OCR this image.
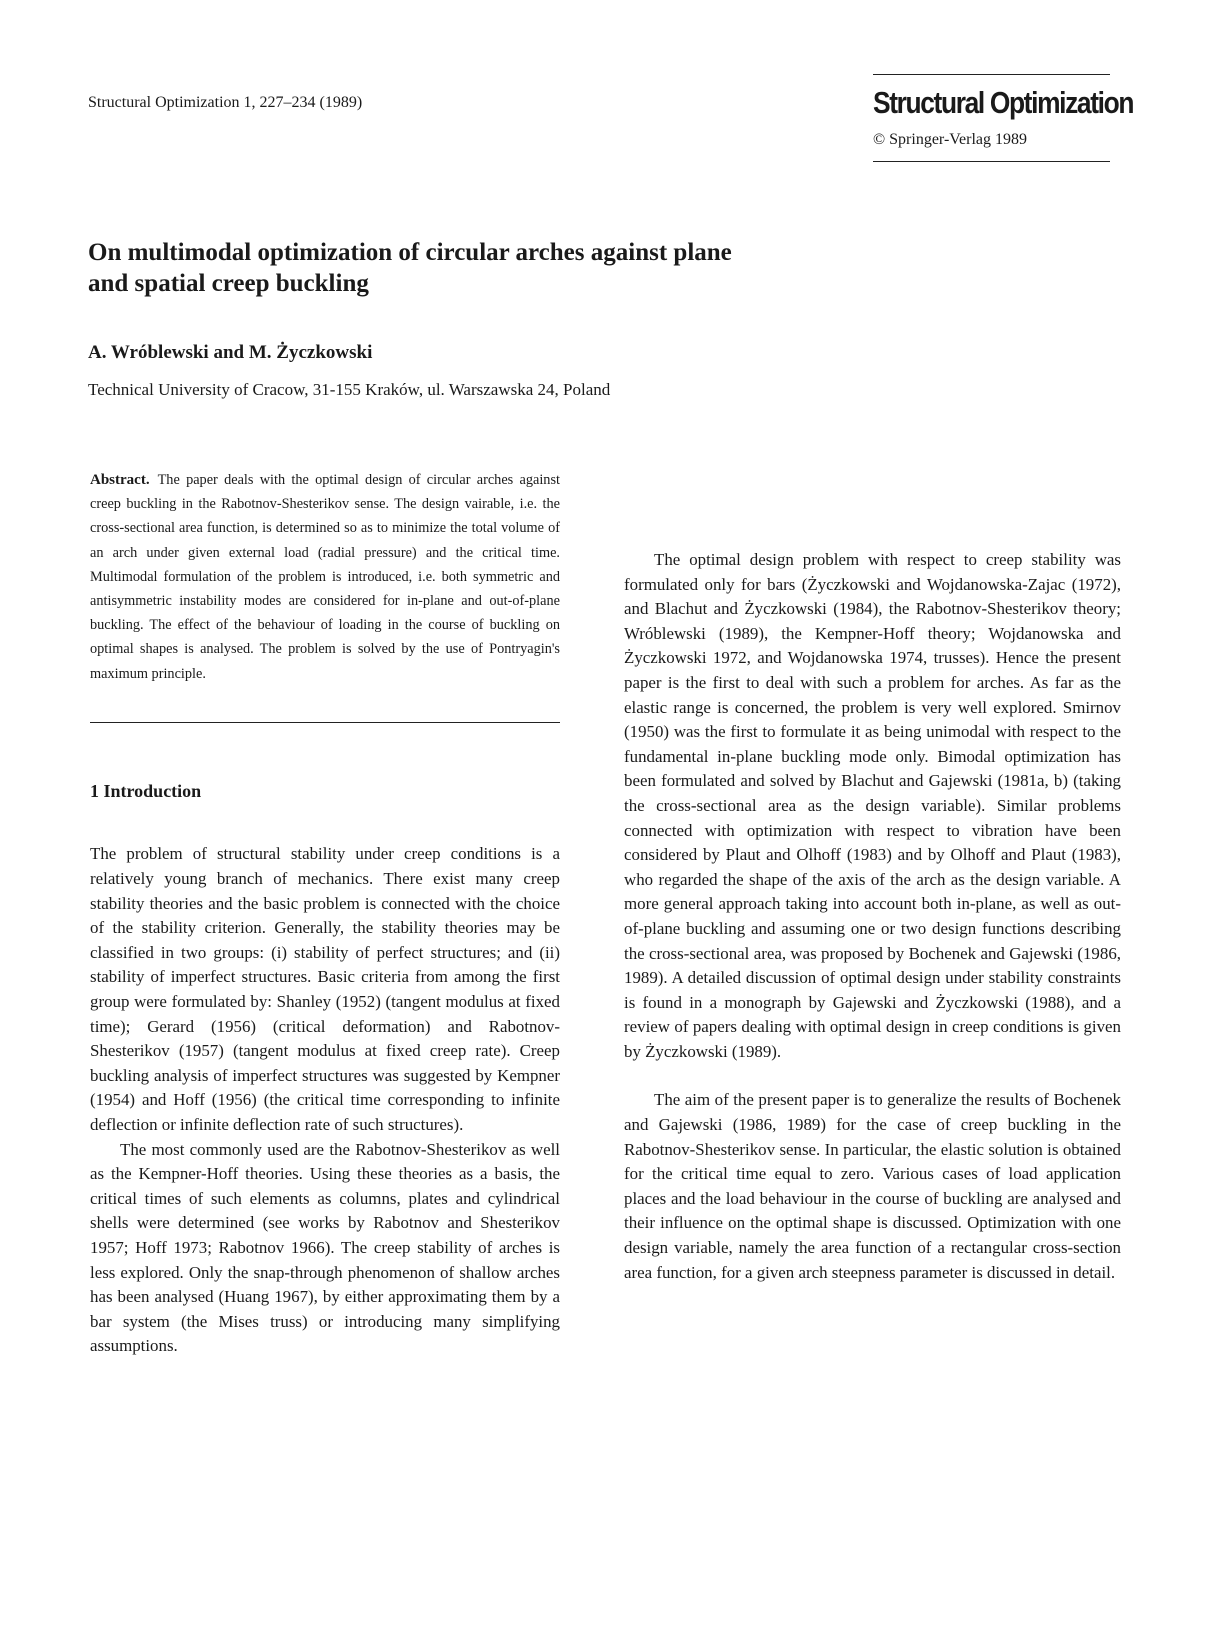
Structural Optimization 1, 227–234 (1989)	Structural Optimization
© Springer-Verlag 1989
On multimodal optimization of circular arches against plane
and spatial creep buckling
A. Wróblewski and M. Życzkowski
Technical University of Cracow, 31-155 Kraków, ul. Warszawska 24, Poland

Abstract. The paper deals with the optimal design of circular arches against creep buckling in the Rabotnov-Shesterikov sense. The design vairable, i.e. the cross-sectional area function, is determined so as to minimize the total volume of an arch under given external load (radial pressure) and the critical time. Multimodal formulation of the problem is introduced, i.e. both symmetric and antisymmetric instability modes are considered for in-plane and out-of-plane buckling. The effect of the behaviour of loading in the course of buckling on optimal shapes is analysed. The problem is solved by the use of Pontryagin's maximum principle.

1 Introduction

The problem of structural stability under creep conditions is a relatively young branch of mechanics. There exist many creep stability theories and the basic problem is connected with the choice of the stability criterion. Generally, the stability theories may be classified in two groups: (i) stability of perfect structures; and (ii) stability of imperfect structures. Basic criteria from among the first group were formulated by: Shanley (1952) (tangent modulus at fixed time); Gerard (1956) (critical deformation) and Rabotnov-Shesterikov (1957) (tangent modulus at fixed creep rate). Creep buckling analysis of imperfect structures was suggested by Kempner (1954) and Hoff (1956) (the critical time corresponding to infinite deflection or infinite deflection rate of such structures).

The most commonly used are the Rabotnov-Shesterikov as well as the Kempner-Hoff theories. Using these theories as a basis, the critical times of such elements as columns, plates and cylindrical shells were determined (see works by Rabotnov and Shesterikov 1957; Hoff 1973; Rabotnov 1966). The creep stability of arches is less explored. Only the snap-through phenomenon of shallow arches has been analysed (Huang 1967), by either approximating them by a bar system (the Mises truss) or introducing many simplifying assumptions.

The optimal design problem with respect to creep stability was formulated only for bars (Życzkowski and Wojdanowska-Zajac (1972), and Blachut and Życzkowski (1984), the Rabotnov-Shesterikov theory; Wróblewski (1989), the Kempner-Hoff theory; Wojdanowska and Życzkowski 1972, and Wojdanowska 1974, trusses). Hence the present paper is the first to deal with such a problem for arches. As far as the elastic range is concerned, the problem is very well explored. Smirnov (1950) was the first to formulate it as being unimodal with respect to the fundamental in-plane buckling mode only. Bimodal optimization has been formulated and solved by Blachut and Gajewski (1981a, b) (taking the cross-sectional area as the design variable). Similar problems connected with optimization with respect to vibration have been considered by Plaut and Olhoff (1983) and by Olhoff and Plaut (1983), who regarded the shape of the axis of the arch as the design variable. A more general approach taking into account both in-plane, as well as out-of-plane buckling and assuming one or two design functions describing the cross-sectional area, was proposed by Bochenek and Gajewski (1986, 1989). A detailed discussion of optimal design under stability constraints is found in a monograph by Gajewski and Życzkowski (1988), and a review of papers dealing with optimal design in creep conditions is given by Życzkowski (1989).

The aim of the present paper is to generalize the results of Bochenek and Gajewski (1986, 1989) for the case of creep buckling in the Rabotnov-Shesterikov sense. In particular, the elastic solution is obtained for the critical time equal to zero. Various cases of load application places and the load behaviour in the course of buckling are analysed and their influence on the optimal shape is discussed. Optimization with one design variable, namely the area function of a rectangular cross-section area function, for a given arch steepness parameter is discussed in detail.
